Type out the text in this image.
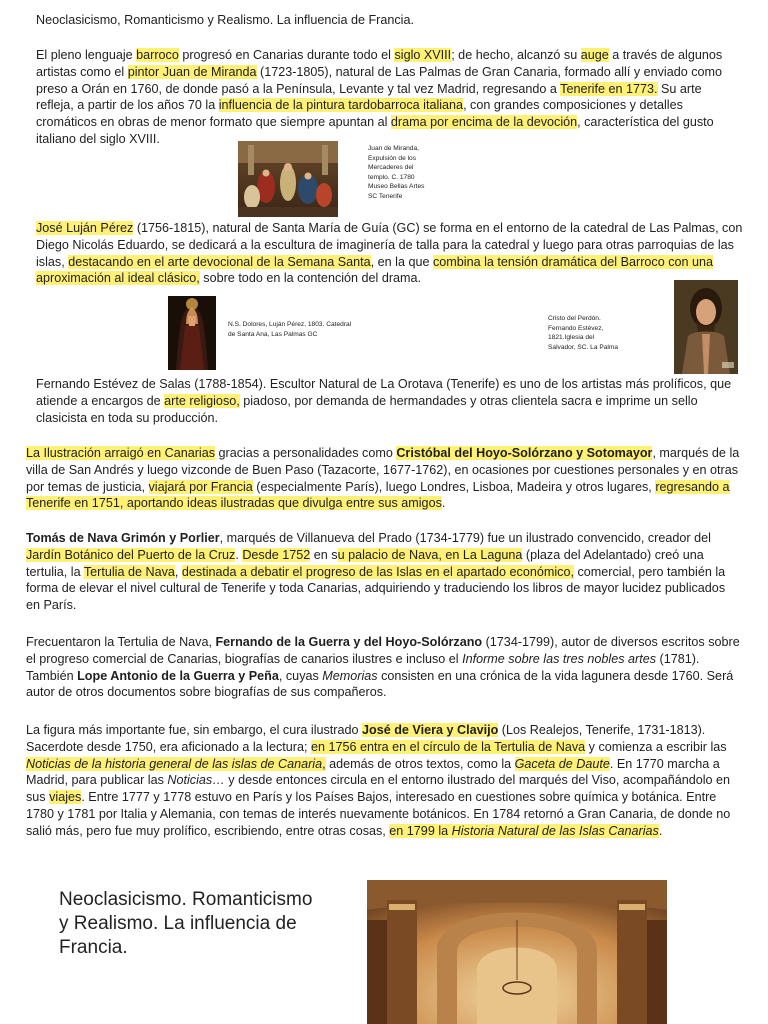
Neoclasicismo, Romanticismo y Realismo. La influencia de Francia.

El pleno lenguaje barroco progresó en Canarias durante todo el siglo XVIII; de hecho, alcanzó su auge a través de algunos artistas como el pintor Juan de Miranda (1723-1805), natural de Las Palmas de Gran Canaria, formado allí y enviado como preso a Orán en 1760, de donde pasó a la Península, Levante y tal vez Madrid, regresando a Tenerife en 1773. Su arte refleja, a partir de los años 70 la influencia de la pintura tardobarroca italiana, con grandes composiciones y detalles cromáticos en obras de menor formato que siempre apuntan al drama por encima de la devoción, característica del gusto italiano del siglo XVIII.

Juan de Miranda,
Expulsión de los
Mercaderes del
templo. C. 1780
Museo Bellas Artes
SC Tenerife

José Luján Pérez (1756-1815), natural de Santa María de Guía (GC) se forma en el entorno de la catedral de Las Palmas, con Diego Nicolás Eduardo, se dedicará a la escultura de imaginería de talla para la catedral y luego para otras parroquias de las islas, destacando en el arte devocional de la Semana Santa, en la que combina la tensión dramática del Barroco con una aproximación al ideal clásico, sobre todo en la contención del drama.

N.S. Dolores, Luján Pérez, 1803. Catedral
de Santa Ana, Las Palmas GC
Cristo del Perdón.
Fernando Estévez,
1821.Iglesia del
Salvador, SC. La Palma

Fernando Estévez de Salas (1788-1854). Escultor Natural de La Orotava (Tenerife) es uno de los artistas más prolíficos, que atiende a encargos de arte religioso, piadoso, por demanda de hermandades y otras clientela sacra e imprime un sello clasicista en toda su producción.

La Ilustración arraigó en Canarias gracias a personalidades como Cristóbal del Hoyo-Solórzano y Sotomayor, marqués de la villa de San Andrés y luego vizconde de Buen Paso (Tazacorte, 1677-1762), en ocasiones por cuestiones personales y en otras por temas de justicia, viajará por Francia (especialmente París), luego Londres, Lisboa, Madeira y otros lugares, regresando a Tenerife en 1751, aportando ideas ilustradas que divulga entre sus amigos.

Tomás de Nava Grimón y Porlier, marqués de Villanueva del Prado (1734-1779) fue un ilustrado convencido, creador del Jardín Botánico del Puerto de la Cruz. Desde 1752 en su palacio de Nava, en La Laguna (plaza del Adelantado) creó una tertulia, la Tertulia de Nava, destinada a debatir el progreso de las Islas en el apartado económico, comercial, pero también la forma de elevar el nivel cultural de Tenerife y toda Canarias, adquiriendo y traduciendo los libros de mayor lucidez publicados en París.

Frecuentaron la Tertulia de Nava, Fernando de la Guerra y del Hoyo-Solórzano (1734-1799), autor de diversos escritos sobre el progreso comercial de Canarias, biografías de canarios ilustres e incluso el Informe sobre las tres nobles artes (1781). También Lope Antonio de la Guerra y Peña, cuyas Memorias consisten en una crónica de la vida lagunera desde 1760. Será autor de otros documentos sobre biografías de sus compañeros.

La figura más importante fue, sin embargo, el cura ilustrado José de Viera y Clavijo (Los Realejos, Tenerife, 1731-1813). Sacerdote desde 1750, era aficionado a la lectura; en 1756 entra en el círculo de la Tertulia de Nava y comienza a escribir las Noticias de la historia general de las islas de Canaria, además de otros textos, como la Gaceta de Daute. En 1770 marcha a Madrid, para publicar las Noticias… y desde entonces circula en el entorno ilustrado del marqués del Viso, acompañándolo en sus viajes. Entre 1777 y 1778 estuvo en París y los Países Bajos, interesado en cuestiones sobre química y botánica. Entre 1780 y 1781 por Italia y Alemania, con temas de interés nuevamente botánicos. En 1784 retornó a Gran Canaria, de donde no salió más, pero fue muy prolífico, escribiendo, entre otras cosas, en 1799 la Historia Natural de las Islas Canarias.

Neoclasicismo. Romanticismo y Realismo. La influencia de Francia.
